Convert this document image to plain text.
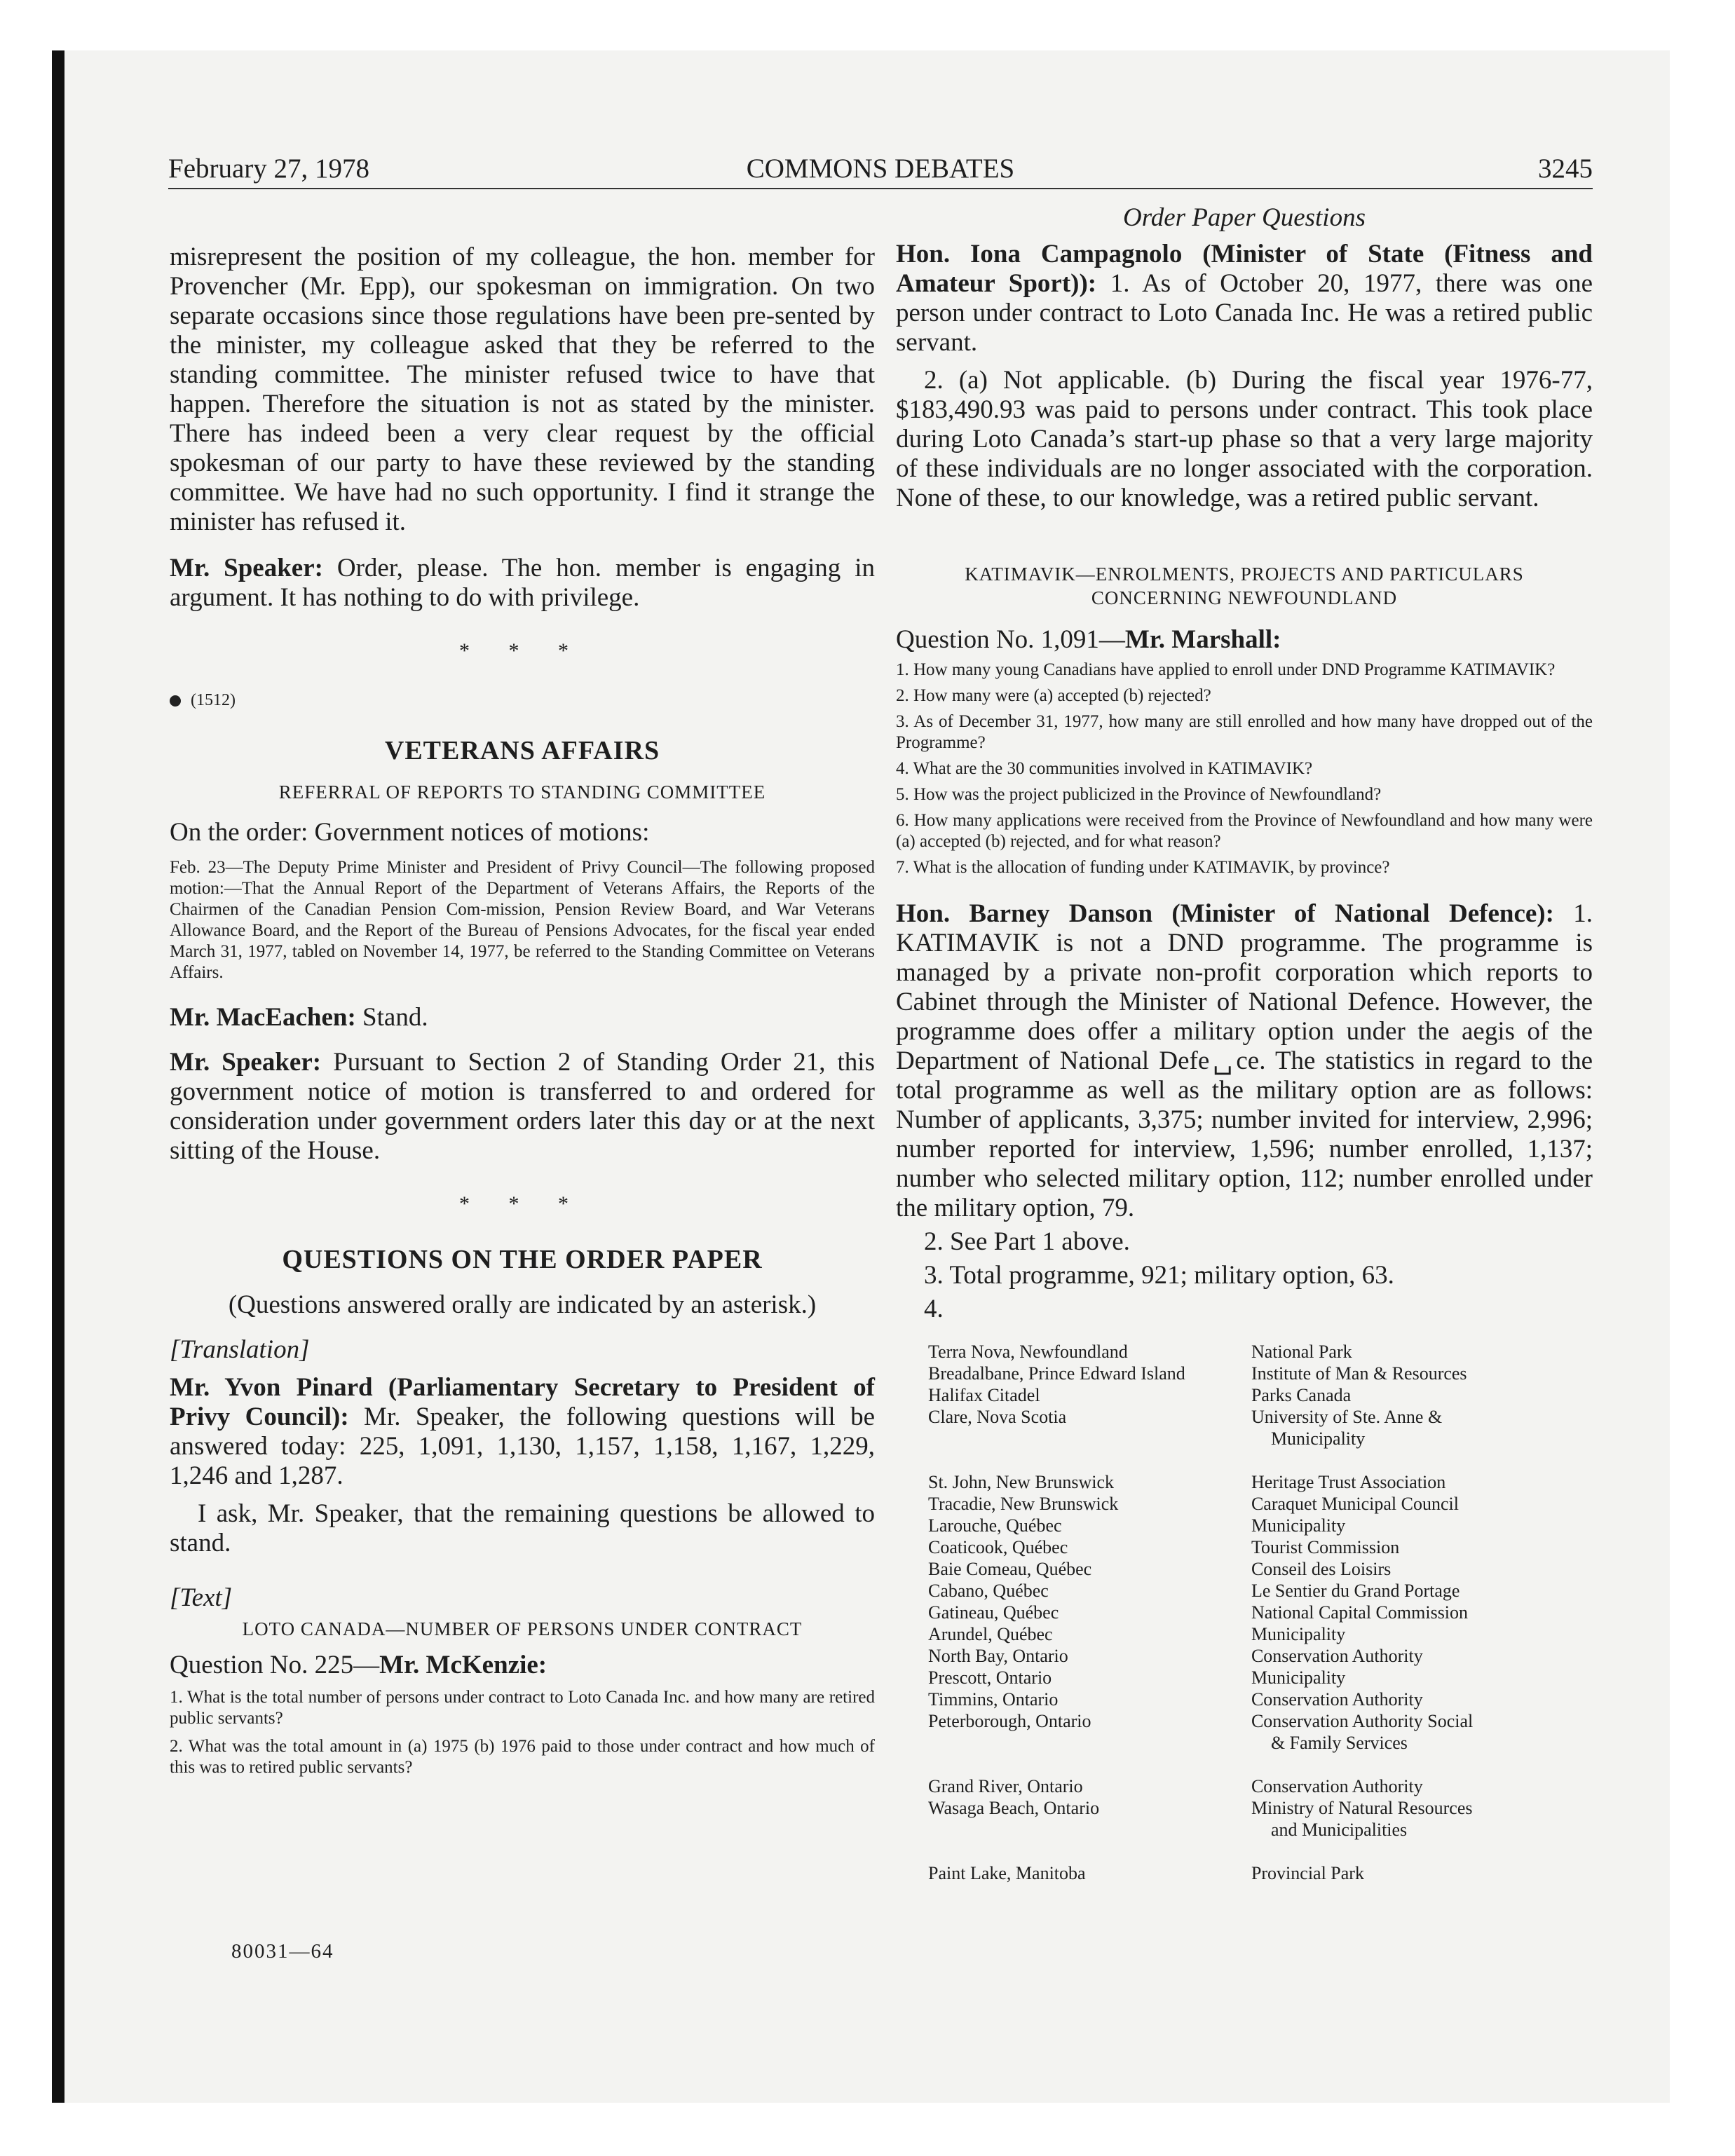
COMMONS DEBATES
February 27, 1978	3245

misrepresent the position of my colleague, the hon. member for Provencher (Mr. Epp), our spokesman on immigration. On two separate occasions since those regulations have been pre-sented by the minister, my colleague asked that they be referred to the standing committee. The minister refused twice to have that happen. Therefore the situation is not as stated by the minister. There has indeed been a very clear request by the official spokesman of our party to have these reviewed by the standing committee. We have had no such opportunity. I find it strange the minister has refused it.

Mr. Speaker: Order, please. The hon. member is engaging in argument. It has nothing to do with privilege.

* * *
(1512)
VETERANS AFFAIRS
REFERRAL OF REPORTS TO STANDING COMMITTEE

On the order: Government notices of motions:

Feb. 23—The Deputy Prime Minister and President of Privy Council—The following proposed motion:—That the Annual Report of the Department of Veterans Affairs, the Reports of the Chairmen of the Canadian Pension Com-mission, Pension Review Board, and War Veterans Allowance Board, and the Report of the Bureau of Pensions Advocates, for the fiscal year ended March 31, 1977, tabled on November 14, 1977, be referred to the Standing Committee on Veterans Affairs.

Mr. MacEachen: Stand.

Mr. Speaker: Pursuant to Section 2 of Standing Order 21, this government notice of motion is transferred to and ordered for consideration under government orders later this day or at the next sitting of the House.

* * *
QUESTIONS ON THE ORDER PAPER

(Questions answered orally are indicated by an asterisk.)

[Translation]

Mr. Yvon Pinard (Parliamentary Secretary to President of Privy Council): Mr. Speaker, the following questions will be answered today: 225, 1,091, 1,130, 1,157, 1,158, 1,167, 1,229, 1,246 and 1,287.

I ask, Mr. Speaker, that the remaining questions be allowed to stand.

[Text]

LOTO CANADA—NUMBER OF PERSONS UNDER CONTRACT

Question No. 225—Mr. McKenzie:

1. What is the total number of persons under contract to Loto Canada Inc. and how many are retired public servants?

2. What was the total amount in (a) 1975 (b) 1976 paid to those under contract and how much of this was to retired public servants?

Order Paper Questions

Hon. Iona Campagnolo (Minister of State (Fitness and Amateur Sport)): 1. As of October 20, 1977, there was one person under contract to Loto Canada Inc. He was a retired public servant.

2. (a) Not applicable. (b) During the fiscal year 1976-77, $183,490.93 was paid to persons under contract. This took place during Loto Canada’s start-up phase so that a very large majority of these individuals are no longer associated with the corporation. None of these, to our knowledge, was a retired public servant.

KATIMAVIK—ENROLMENTS, PROJECTS AND PARTICULARS
CONCERNING NEWFOUNDLAND

Question No. 1,091—Mr. Marshall:

1. How many young Canadians have applied to enroll under DND Programme KATIMAVIK?

2. How many were (a) accepted (b) rejected?

3. As of December 31, 1977, how many are still enrolled and how many have dropped out of the Programme?

4. What are the 30 communities involved in KATIMAVIK?

5. How was the project publicized in the Province of Newfoundland?

6. How many applications were received from the Province of Newfoundland and how many were (a) accepted (b) rejected, and for what reason?

7. What is the allocation of funding under KATIMAVIK, by province?

Hon. Barney Danson (Minister of National Defence): 1. KATIMAVIK is not a DND programme. The programme is managed by a private non-profit corporation which reports to Cabinet through the Minister of National Defence. However, the programme does offer a military option under the aegis of the Department of National Defe␣ce. The statistics in regard to the total programme as well as the military option are as follows: Number of applicants, 3,375; number invited for interview, 2,996; number reported for interview, 1,596; number enrolled, 1,137; number who selected military option, 112; number enrolled under the military option, 79.

2. See Part 1 above.

3. Total programme, 921; military option, 63.

4.

Terra Nova, Newfoundland	National Park
Breadalbane, Prince Edward Island	Institute of Man & Resources
Halifax Citadel	Parks Canada
Clare, Nova Scotia	University of Ste. Anne &
	Municipality
St. John, New Brunswick	Heritage Trust Association
Tracadie, New Brunswick	Caraquet Municipal Council
Larouche, Québec	Municipality
Coaticook, Québec	Tourist Commission
Baie Comeau, Québec	Conseil des Loisirs
Cabano, Québec	Le Sentier du Grand Portage
Gatineau, Québec	National Capital Commission
Arundel, Québec	Municipality
North Bay, Ontario	Conservation Authority
Prescott, Ontario	Municipality
Timmins, Ontario	Conservation Authority
Peterborough, Ontario	Conservation Authority Social
	& Family Services
Grand River, Ontario	Conservation Authority
Wasaga Beach, Ontario	Ministry of Natural Resources
	and Municipalities
Paint Lake, Manitoba	Provincial Park
80031—64
